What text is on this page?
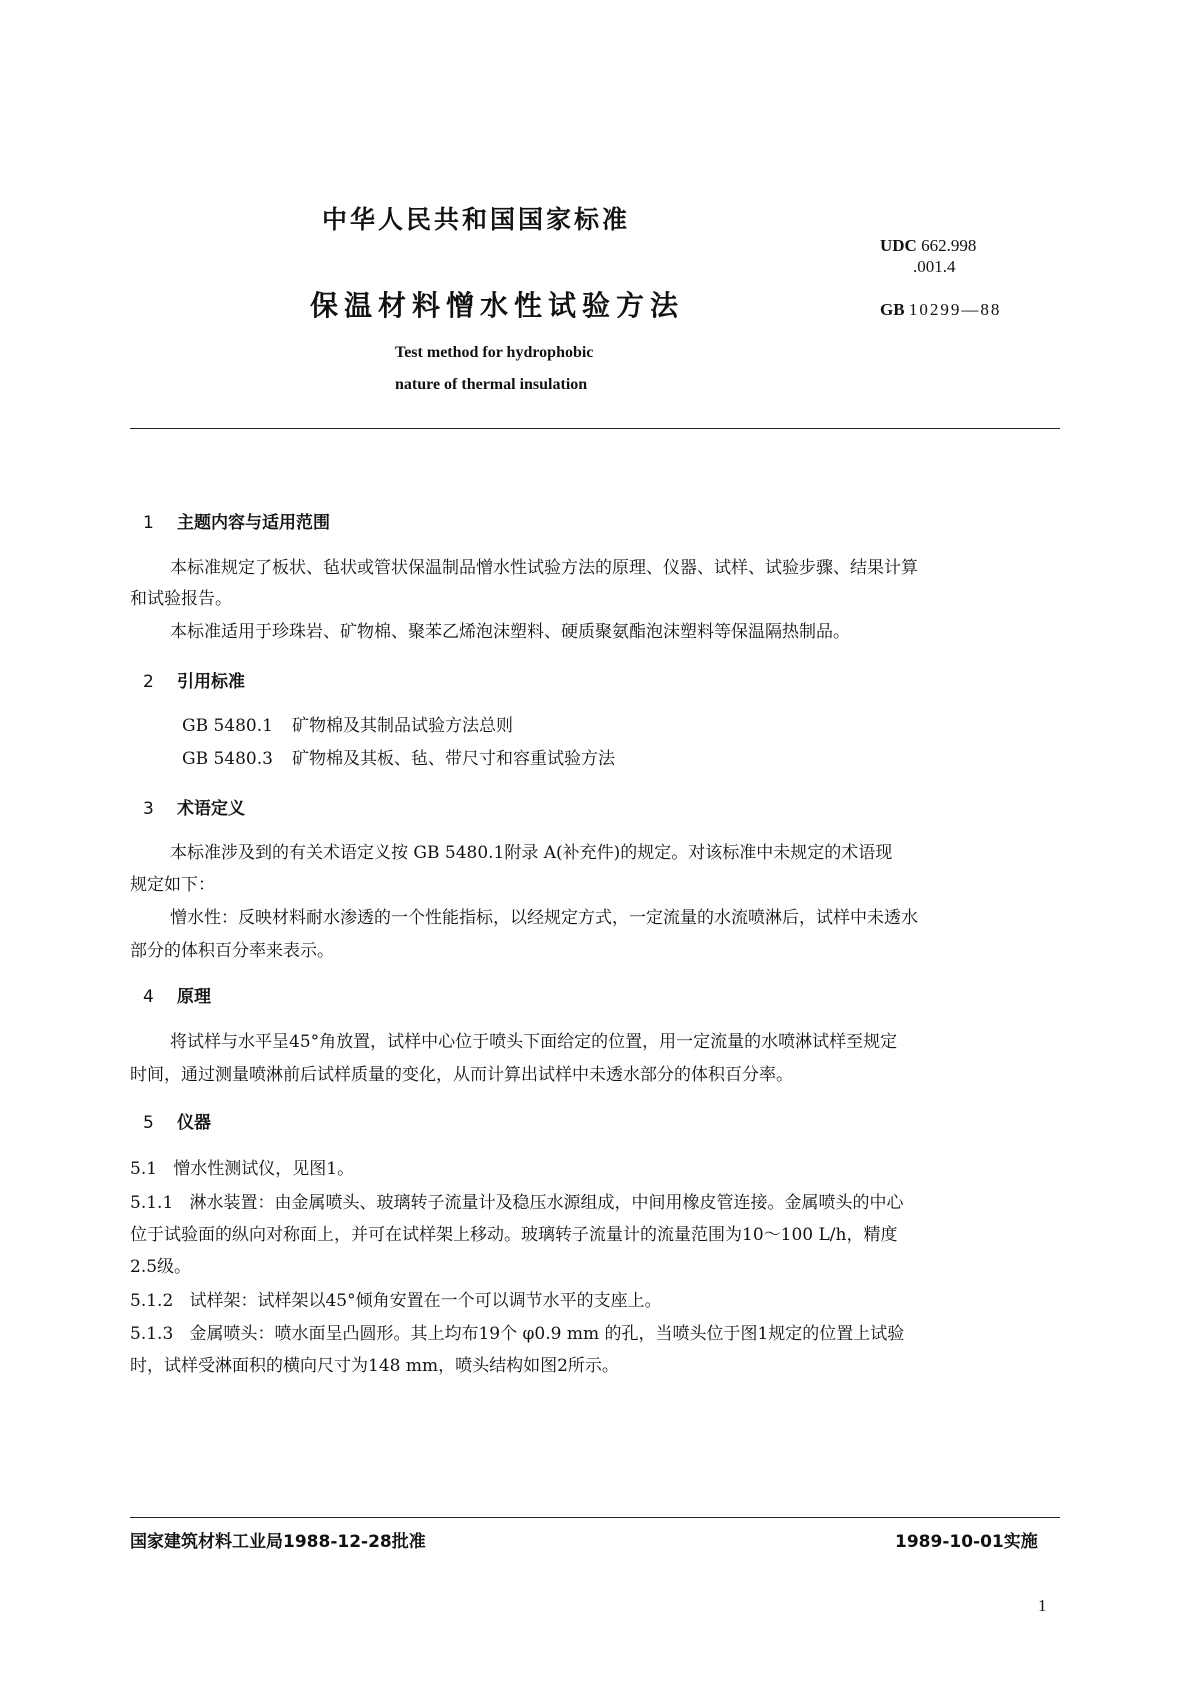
中华人民共和国国家标准
保温材料憎水性试验方法
Test method for hydrophobic
nature of thermal insulation
UDC 662.998
.001.4
GB 10299—88
1 主题内容与适用范围
本标准规定了板状、毡状或管状保温制品憎水性试验方法的原理、仪器、试样、试验步骤、结果计算
和试验报告。
本标准适用于珍珠岩、矿物棉、聚苯乙烯泡沫塑料、硬质聚氨酯泡沫塑料等保温隔热制品。
2 引用标准
GB 5480.1 矿物棉及其制品试验方法总则
GB 5480.3 矿物棉及其板、毡、带尺寸和容重试验方法
3 术语定义
本标准涉及到的有关术语定义按 GB 5480.1附录 A(补充件)的规定。对该标准中未规定的术语现
规定如下：
憎水性：反映材料耐水渗透的一个性能指标，以经规定方式，一定流量的水流喷淋后，试样中未透水
部分的体积百分率来表示。
4 原理
将试样与水平呈45°角放置，试样中心位于喷头下面给定的位置，用一定流量的水喷淋试样至规定
时间，通过测量喷淋前后试样质量的变化，从而计算出试样中未透水部分的体积百分率。
5 仪器
5.1   憎水性测试仪，见图1。
5.1.1   淋水装置：由金属喷头、玻璃转子流量计及稳压水源组成，中间用橡皮管连接。金属喷头的中心
位于试验面的纵向对称面上，并可在试样架上移动。玻璃转子流量计的流量范围为10～100 L/h，精度
2.5级。
5.1.2   试样架：试样架以45°倾角安置在一个可以调节水平的支座上。
5.1.3   金属喷头：喷水面呈凸圆形。其上均布19个 φ0.9 mm 的孔，当喷头位于图1规定的位置上试验
时，试样受淋面积的横向尺寸为148 mm，喷头结构如图2所示。
国家建筑材料工业局1988-12-28批准	1989-10-01实施
1
